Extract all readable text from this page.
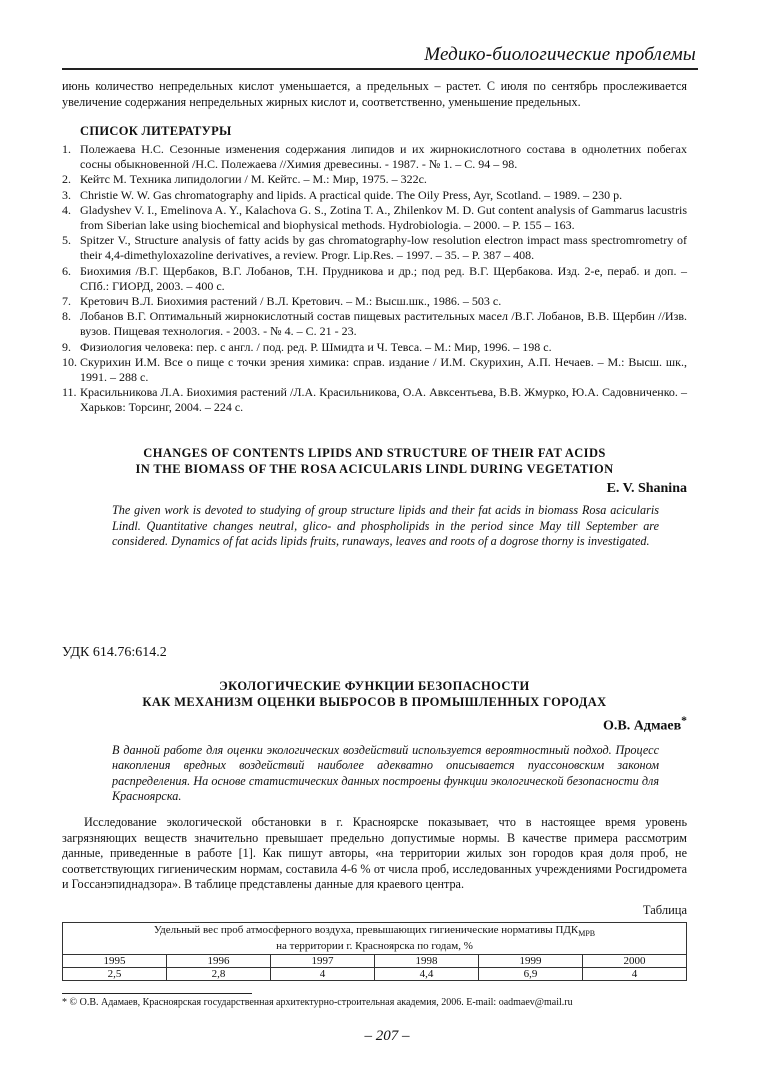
Медико-биологические проблемы

июнь количество непредельных кислот уменьшается, а предельных – растет. С июля по сентябрь прослеживается увеличение содержания непредельных жирных кислот и, соответственно, уменьшение предельных.

СПИСОК ЛИТЕРАТУРЫ
1. Полежаева Н.С. Сезонные изменения содержания липидов и их жирнокислотного состава в однолетних побегах сосны обыкновенной /Н.С. Полежаева //Химия древесины. - 1987. - № 1. – С. 94 – 98.
2. Кейтс М. Техника липидологии / М. Кейтс. – М.: Мир, 1975. – 322с.
3. Christie W. W. Gas chromatography and lipids. A practical quide. The Oily Press, Ayr, Scotland. – 1989. – 230 p.
4. Gladyshev V. I., Emelinova A. Y., Kalachova G. S., Zotina T. A., Zhilenkov M. D. Gut content analysis of Gammarus lacustris from Siberian lake using biochemical and biophysical methods. Hydrobiologia. – 2000. – P. 155 – 163.
5. Spitzer V., Structure analysis of fatty acids by gas chromatography-low resolution electron impact mass spectromrometry of their 4,4-dimethyloxazoline derivatives, a review. Progr. Lip.Res. – 1997. – 35. – P. 387 – 408.
6. Биохимия /В.Г. Щербаков, В.Г. Лобанов, Т.Н. Прудникова и др.; под ред. В.Г. Щербакова. Изд. 2-е, пераб. и доп. – СПб.: ГИОРД, 2003. – 400 с.
7. Кретович В.Л. Биохимия растений / В.Л. Кретович. – М.: Высш.шк., 1986. – 503 с.
8. Лобанов В.Г. Оптимальный жирнокислотный состав пищевых растительных масел /В.Г. Лобанов, В.В. Щербин //Изв. вузов. Пищевая технология. - 2003. - № 4. – С. 21 - 23.
9. Физиология человека: пер. с англ. / под. ред. Р. Шмидта и Ч. Тевса. – М.: Мир, 1996. – 198 с.
10. Скурихин И.М. Все о пище с точки зрения химика: справ. издание / И.М. Скурихин, А.П. Нечаев. – М.: Высш. шк., 1991. – 288 с.
11. Красильникова Л.А. Биохимия растений /Л.А. Красильникова, О.А. Авксентьева, В.В. Жмурко, Ю.А. Садовниченко. – Харьков: Торсинг, 2004. – 224 с.

CHANGES OF CONTENTS LIPIDS AND STRUCTURE OF THEIR FAT ACIDS

IN THE BIOMASS OF THE ROSA ACICULARIS LINDL DURING VEGETATION

E. V. Shanina

The given work is devoted to studying of group structure lipids and their fat acids in biomass Rosa acicularis Lindl. Quantitative changes neutral, glico- and phospholipids in the period since May till September are considered. Dynamics of fat acids lipids fruits, runaways, leaves and roots of a dogrose thorny is investigated.

УДК 614.76:614.2

ЭКОЛОГИЧЕСКИЕ ФУНКЦИИ БЕЗОПАСНОСТИ

КАК МЕХАНИЗМ ОЦЕНКИ ВЫБРОСОВ В ПРОМЫШЛЕННЫХ ГОРОДАХ

О.В. Адмаев*

В данной работе для оценки экологических воздействий используется вероятностный подход. Процесс накопления вредных воздействий наиболее адекватно описывается пуассоновским законом распределения. На основе статистических данных построены функции экологической безопасности для Красноярска.

Исследование экологической обстановки в г. Красноярске показывает, что в настоящее время уровень загрязняющих веществ значительно превышает предельно допустимые нормы. В качестве примера рассмотрим данные, приведенные в работе [1]. Как пишут авторы, «на территории жилых зон городов края доля проб, не соответствующих гигиеническим нормам, составила 4-6 % от числа проб, исследованных учреждениями Росгидромета и Госсанэпиднадзора». В таблице представлены данные для краевого центра.

Таблица
Удельный вес проб атмосферного воздуха, превышающих гигиенические нормативы $ПДК_{МРВ}$
на территории г. Красноярска по годам, %					
1995	1996	1997	1998	1999	2000
2,5	2,8	4	4,4	6,9	4
* © О.В. Адамаев, Красноярская государственная архитектурно-строительная академия, 2006. E-mail: oadmaev@mail.ru
– 207 –
